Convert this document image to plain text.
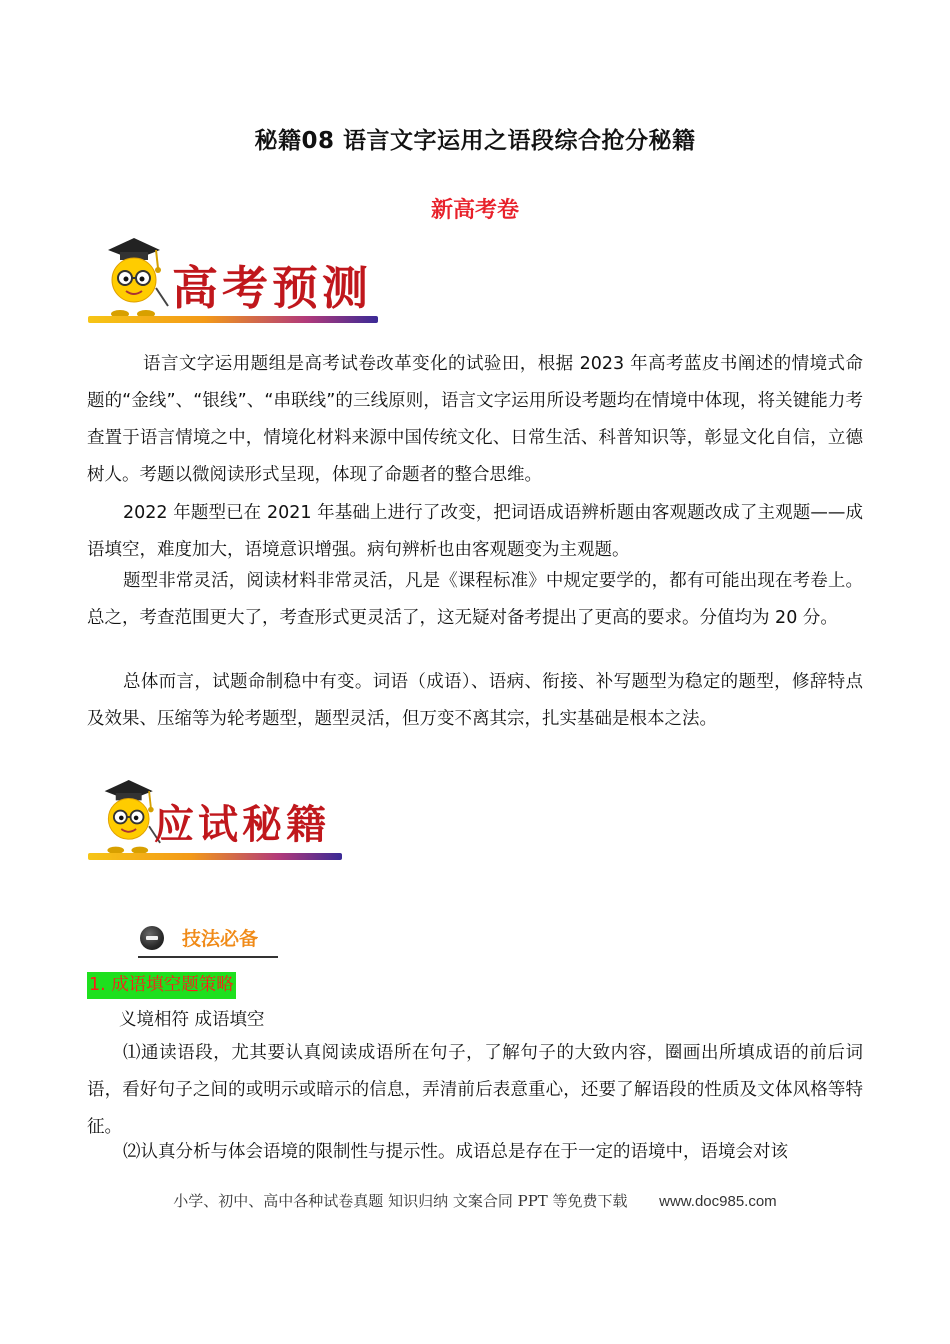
秘籍08 语言文字运用之语段综合抢分秘籍
新高考卷
高考预测

语言文字运用题组是高考试卷改革变化的试验田，根据 2023 年高考蓝皮书阐述的情境式命题的“金线”、“银线”、“串联线”的三线原则，语言文字运用所设考题均在情境中体现，将关键能力考查置于语言情境之中，情境化材料来源中国传统文化、日常生活、科普知识等，彰显文化自信，立德树人。考题以微阅读形式呈现，体现了命题者的整合思维。

2022 年题型已在 2021 年基础上进行了改变，把词语成语辨析题由客观题改成了主观题——成语填空，难度加大，语境意识增强。病句辨析也由客观题变为主观题。

题型非常灵活，阅读材料非常灵活，凡是《课程标准》中规定要学的，都有可能出现在考卷上。总之，考查范围更大了，考查形式更灵活了，这无疑对备考提出了更高的要求。分值均为 20 分。

总体而言，试题命制稳中有变。词语（成语）、语病、衔接、补写题型为稳定的题型，修辞特点及效果、压缩等为轮考题型，题型灵活，但万变不离其宗，扎实基础是根本之法。

应试秘籍
技法必备
1. 成语填空题策略

义境相符 成语填空

⑴通读语段，尤其要认真阅读成语所在句子，了解句子的大致内容，圈画出所填成语的前后词语，看好句子之间的或明示或暗示的信息，弄清前后表意重心，还要了解语段的性质及文体风格等特征。

⑵认真分析与体会语境的限制性与提示性。成语总是存在于一定的语境中，语境会对该

小学、初中、高中各种试卷真题 知识归纳 文案合同 PPT 等免费下载 www.doc985.com
